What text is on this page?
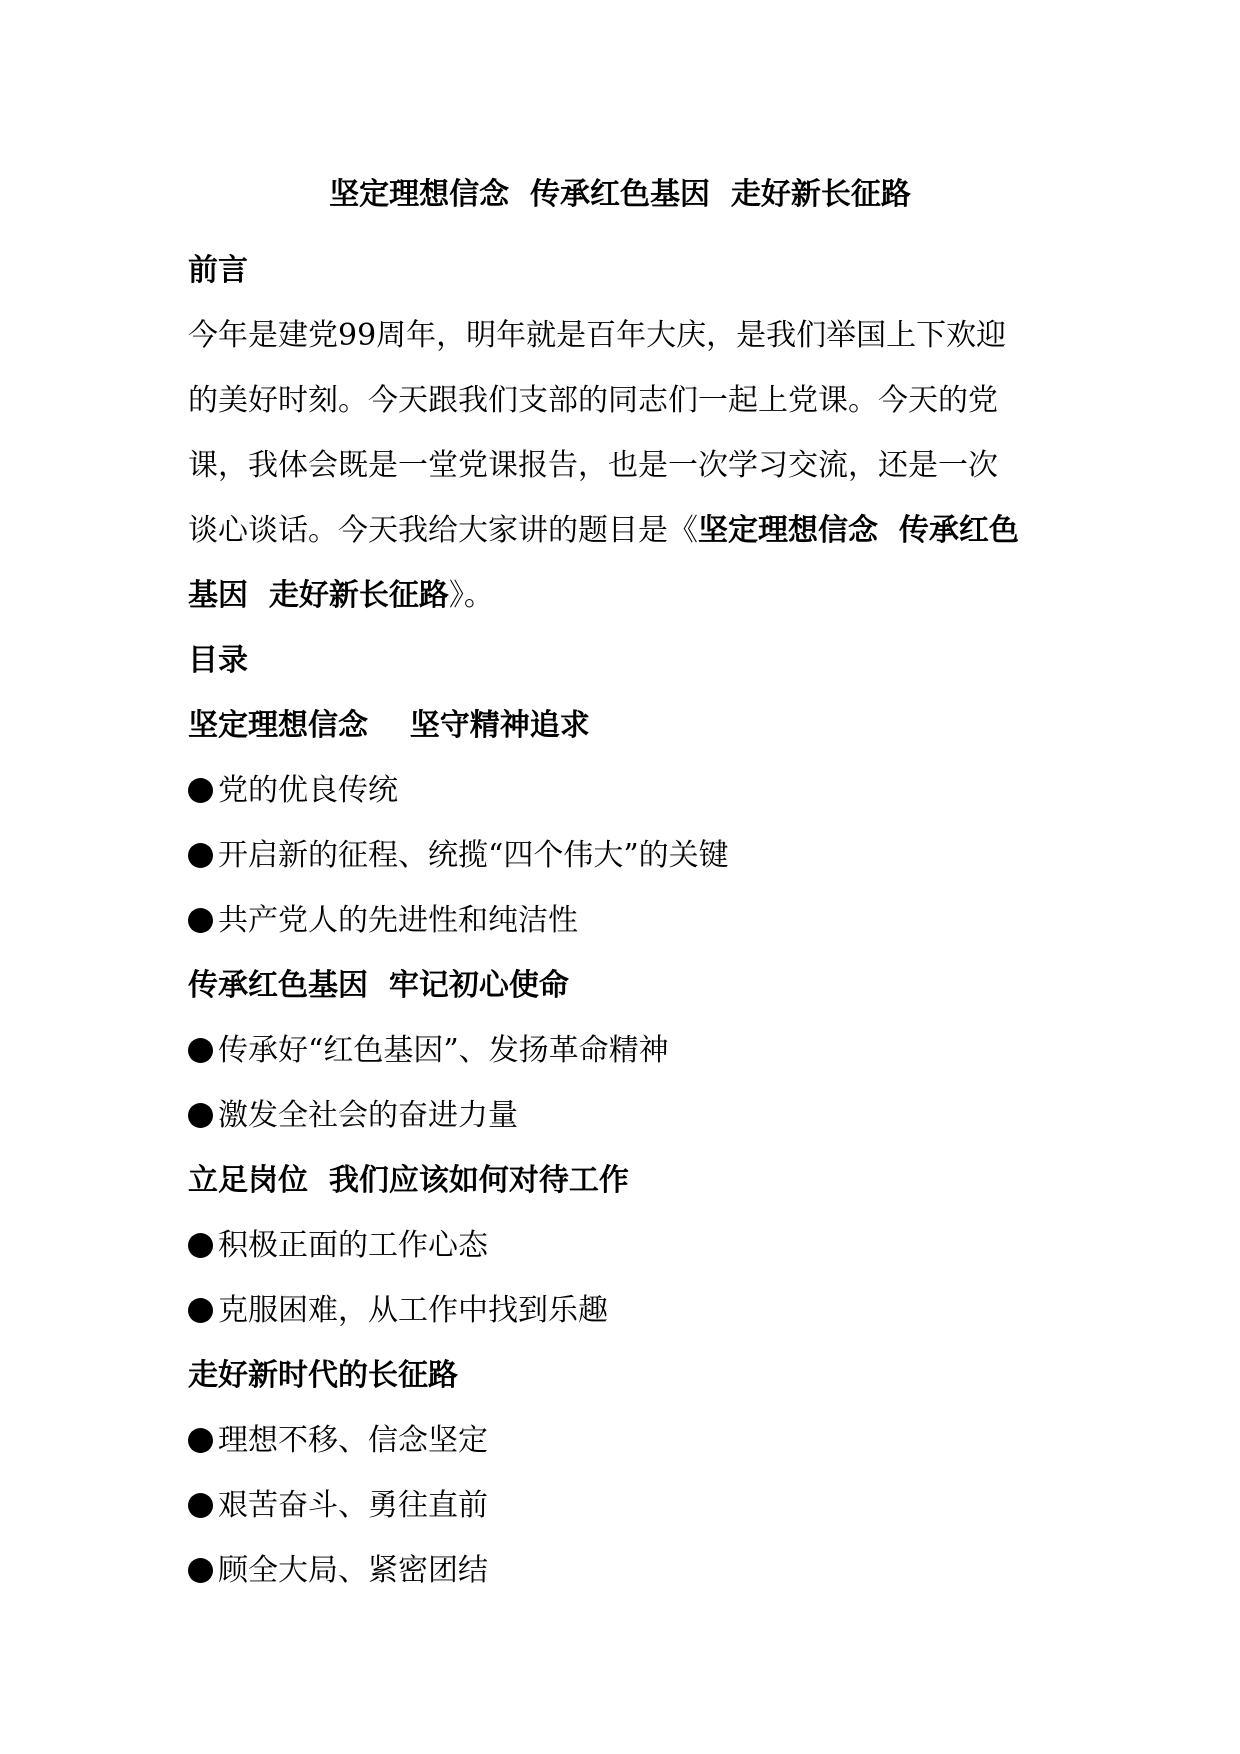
坚定理想信念  传承红色基因  走好新长征路
前言
今年是建党99周年，明年就是百年大庆，是我们举国上下欢迎
的美好时刻。今天跟我们支部的同志们一起上党课。今天的党
课，我体会既是一堂党课报告，也是一次学习交流，还是一次
谈心谈话。今天我给大家讲的题目是《坚定理想信念  传承红色
基因  走好新长征路》。
目录
坚定理想信念    坚守精神追求
党的优良传统
开启新的征程、统揽“四个伟大”的关键
共产党人的先进性和纯洁性
传承红色基因  牢记初心使命
传承好“红色基因”、发扬革命精神
激发全社会的奋进力量
立足岗位  我们应该如何对待工作
积极正面的工作心态
克服困难，从工作中找到乐趣
走好新时代的长征路
理想不移、信念坚定
艰苦奋斗、勇往直前
顾全大局、紧密团结
